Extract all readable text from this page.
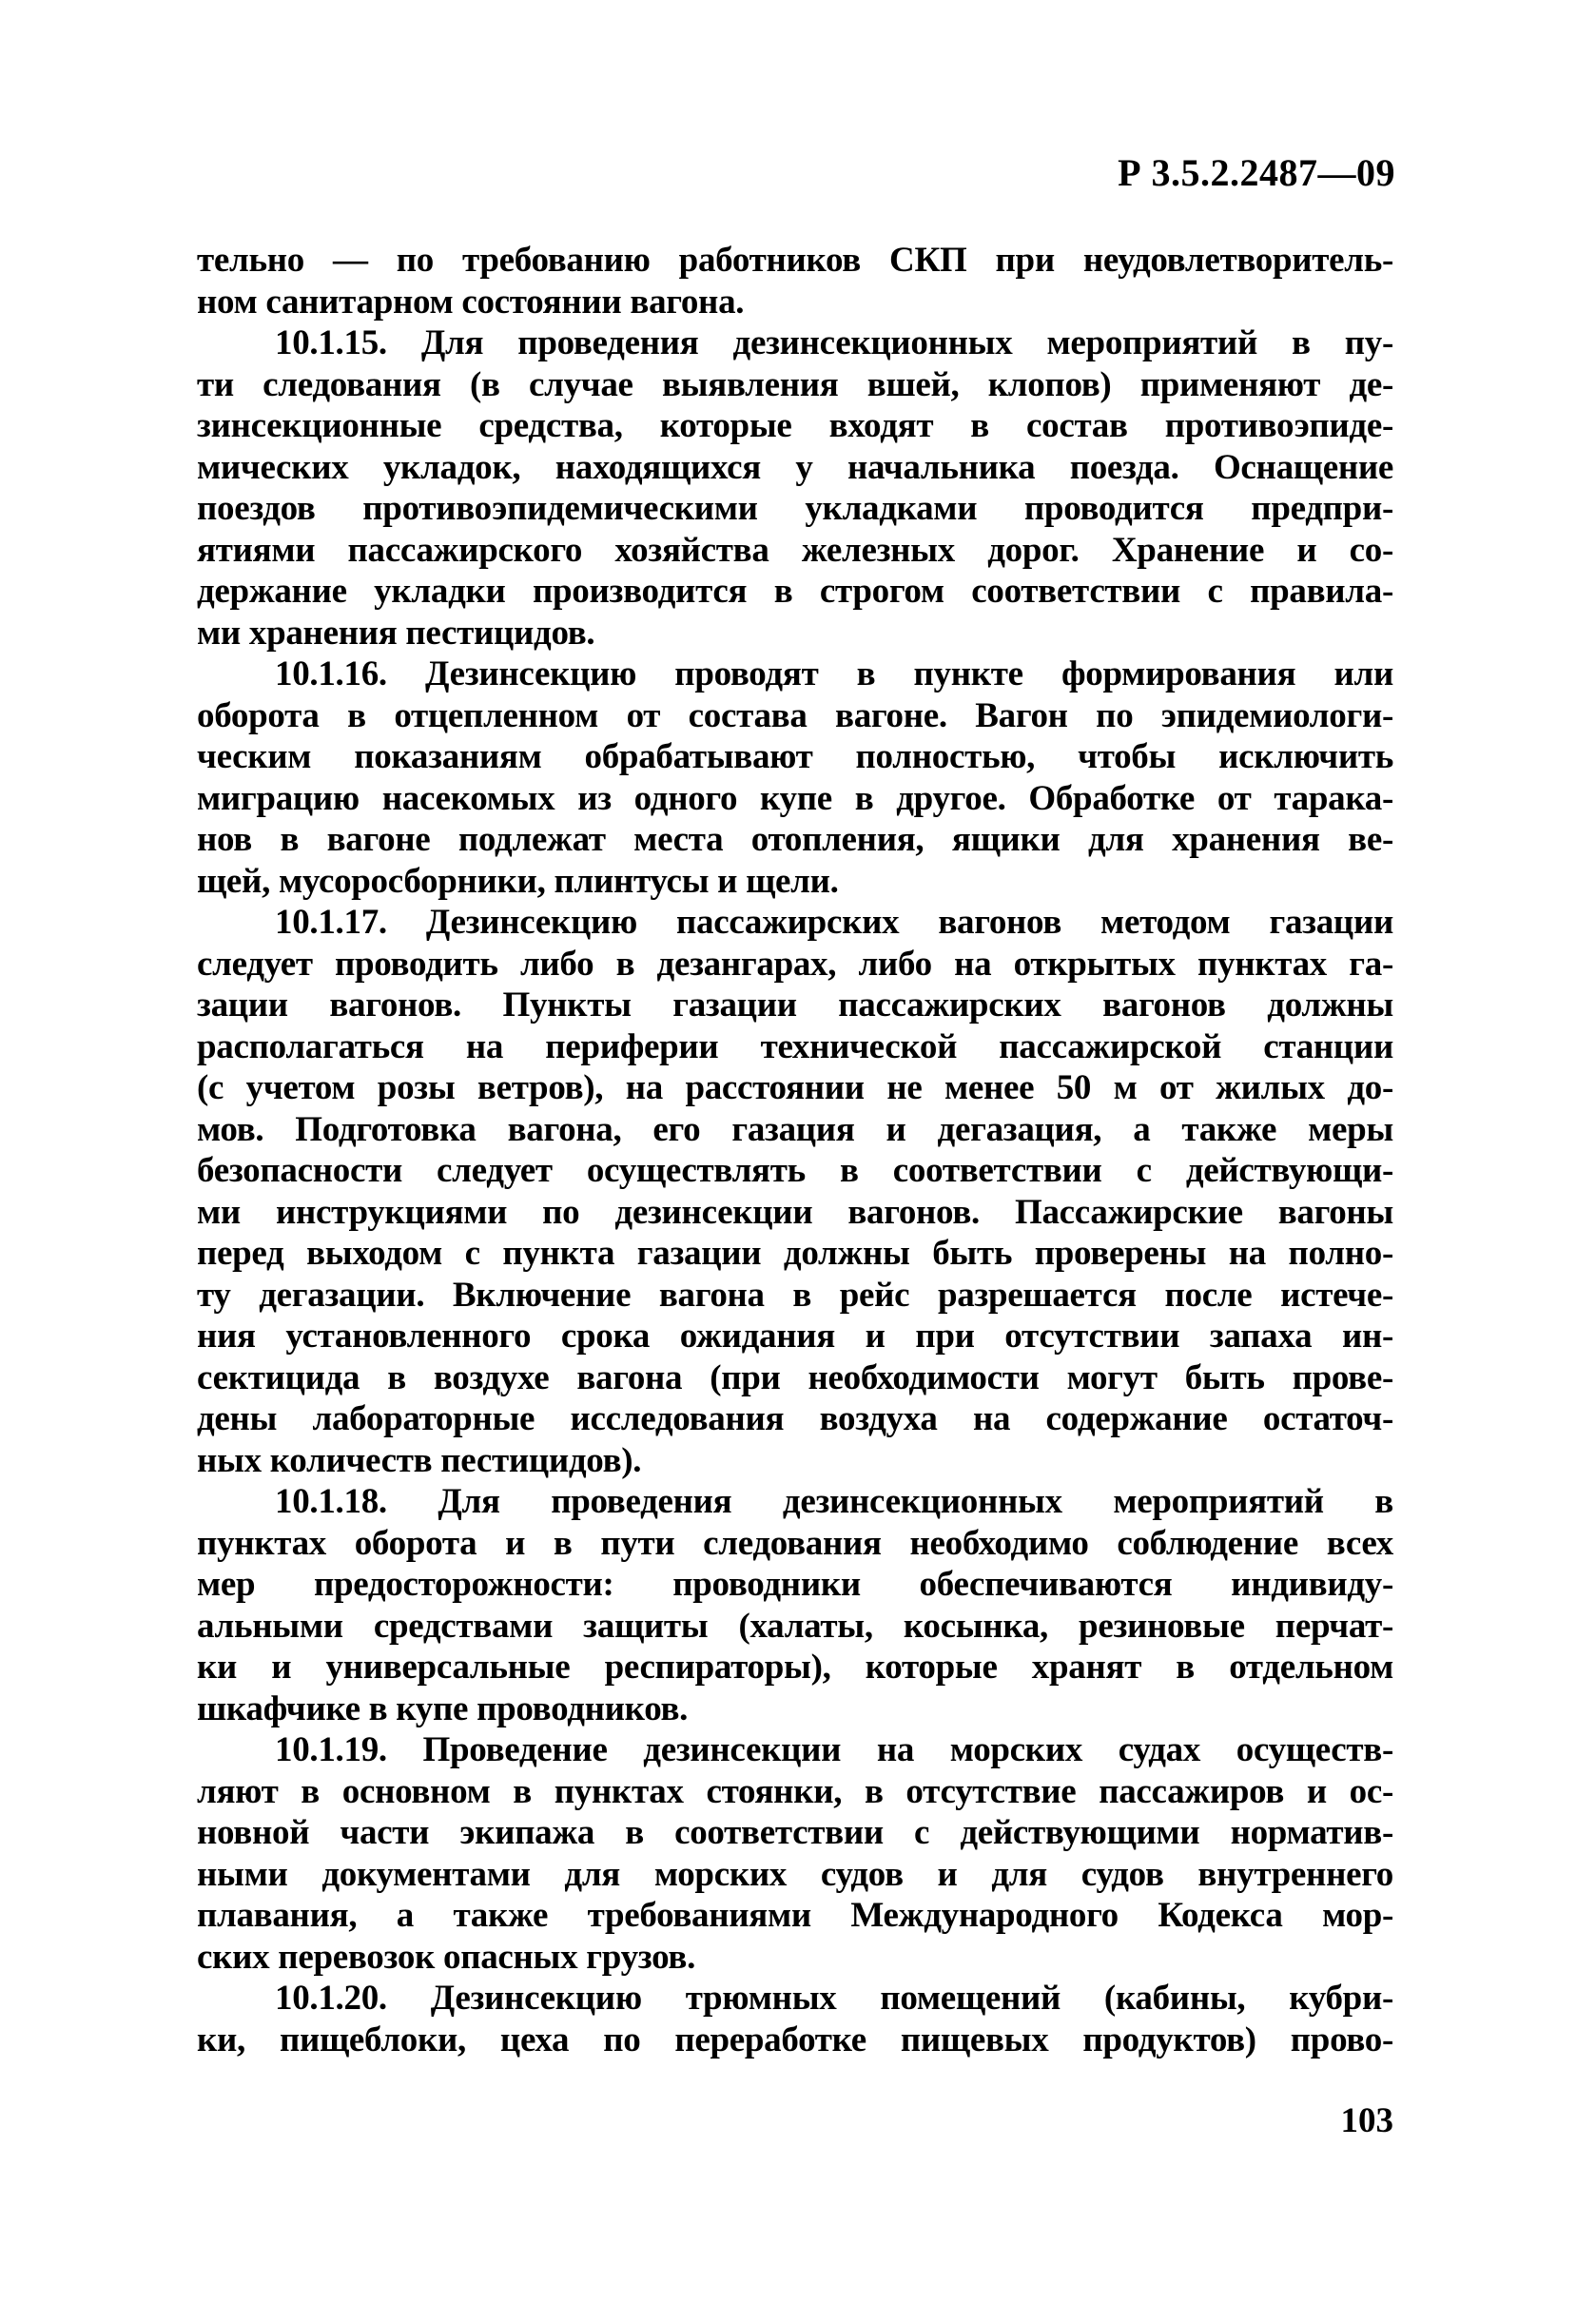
Р 3.5.2.2487—09
тельно — по требованию работников СКП при неудовлетворитель-
ном санитарном состоянии вагона.
10.1.15. Для проведения дезинсекционных мероприятий в пу-
ти следования (в случае выявления вшей, клопов) применяют де-
зинсекционные средства, которые входят в состав противоэпиде-
мических укладок, находящихся у начальника поезда. Оснащение
поездов противоэпидемическими укладками проводится предпри-
ятиями пассажирского хозяйства железных дорог. Хранение и со-
держание укладки производится в строгом соответствии с правила-
ми хранения пестицидов.
10.1.16. Дезинсекцию проводят в пункте формирования или
оборота в отцепленном от состава вагоне. Вагон по эпидемиологи-
ческим показаниям обрабатывают полностью, чтобы исключить
миграцию насекомых из одного купе в другое. Обработке от тарака-
нов в вагоне подлежат места отопления, ящики для хранения ве-
щей, мусоросборники, плинтусы и щели.
10.1.17. Дезинсекцию пассажирских вагонов методом газации
следует проводить либо в дезангарах, либо на открытых пунктах га-
зации вагонов. Пункты газации пассажирских вагонов должны
располагаться на периферии технической пассажирской станции
(с учетом розы ветров), на расстоянии не менее 50 м от жилых до-
мов. Подготовка вагона, его газация и дегазация, а также меры
безопасности следует осуществлять в соответствии с действующи-
ми инструкциями по дезинсекции вагонов. Пассажирские вагоны
перед выходом с пункта газации должны быть проверены на полно-
ту дегазации. Включение вагона в рейс разрешается после истече-
ния установленного срока ожидания и при отсутствии запаха ин-
сектицида в воздухе вагона (при необходимости могут быть прове-
дены лабораторные исследования воздуха на содержание остаточ-
ных количеств пестицидов).
10.1.18. Для проведения дезинсекционных мероприятий в
пунктах оборота и в пути следования необходимо соблюдение всех
мер предосторожности: проводники обеспечиваются индивиду-
альными средствами защиты (халаты, косынка, резиновые перчат-
ки и универсальные респираторы), которые хранят в отдельном
шкафчике в купе проводников.
10.1.19. Проведение дезинсекции на морских судах осуществ-
ляют в основном в пунктах стоянки, в отсутствие пассажиров и ос-
новной части экипажа в соответствии с действующими норматив-
ными документами для морских судов и для судов внутреннего
плавания, а также требованиями Международного Кодекса мор-
ских перевозок опасных грузов.
10.1.20. Дезинсекцию трюмных помещений (кабины, кубри-
ки, пищеблоки, цеха по переработке пищевых продуктов) прово-
103
